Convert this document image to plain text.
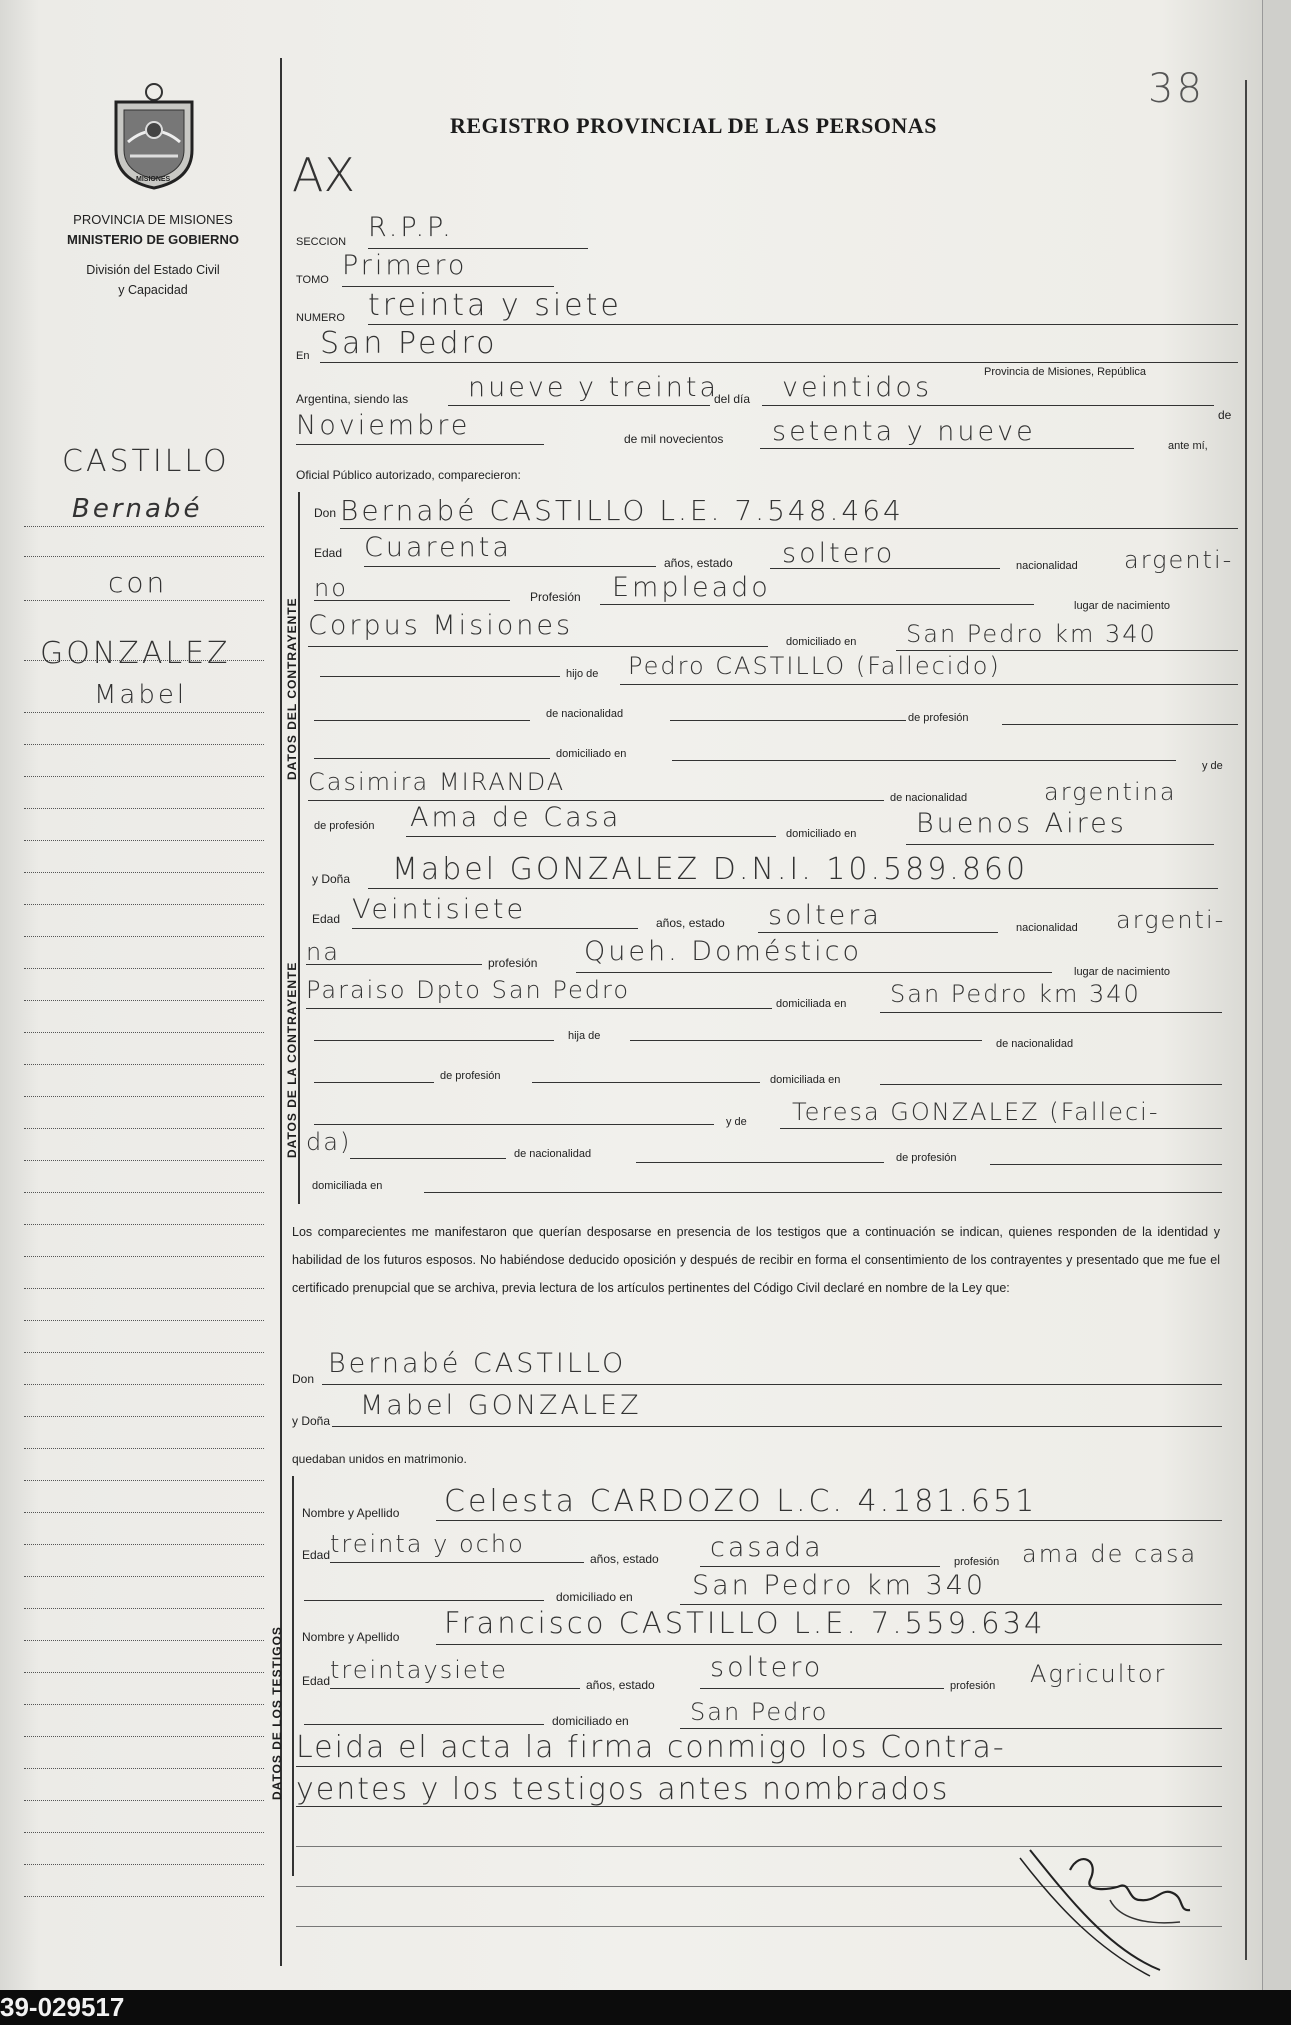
38
MISIONES
PROVINCIA DE MISIONES
MINISTERIO DE GOBIERNO
División del Estado Civil
y Capacidad
REGISTRO PROVINCIAL DE LAS PERSONAS
AX
CASTILLO
Bernabé
con
GONZALEZ
Mabel
SECCION R.P.P.
TOMO Primero
NUMERO treinta y siete
En San Pedro
Provincia de Misiones, República
Argentina, siendo las nueve y treinta
del día veintidos
de
Noviembre	de mil novecientos setenta y nueve	ante mí,
Oficial Público autorizado, comparecieron:
DATOS DEL CONTRAYENTE
Don Bernabé CASTILLO L.E. 7.548.464
Edad Cuarenta	años, estado soltero	nacionalidad argenti-
no	Profesión Empleado
lugar de nacimiento
Corpus Misiones
domiciliado en San Pedro km 340
hijo de Pedro CASTILLO (Fallecido)
de nacionalidad	de profesión
domiciliado en
y de
Casimira MIRANDA
de nacionalidad	argentina
de profesión Ama de Casa
domiciliado en Buenos Aires
DATOS DE LA CONTRAYENTE
y Doña Mabel GONZALEZ D.N.I. 10.589.860
Edad Veintisiete	años, estado soltera	nacionalidad argenti-
na	profesión Queh. Doméstico
lugar de nacimiento
Paraiso Dpto San Pedro	domiciliada en San Pedro km 340
hija de
de nacionalidad
de profesión	domiciliada en
y de Teresa GONZALEZ (Falleci-
da)	de nacionalidad	de profesión
domiciliada en
Los comparecientes me manifestaron que querían desposarse en presencia de los testigos que a continuación se indican, quienes responden de la identidad y habilidad de los futuros esposos. No habiéndose deducido oposición y después de recibir en forma el consentimiento de los contrayentes y presentado que me fue el certificado prenupcial que se archiva, previa lectura de los artículos pertinentes del Código Civil declaré en nombre de la Ley que:
Don Bernabé CASTILLO
y Doña Mabel GONZALEZ
quedaban unidos en matrimonio.
DATOS DE LOS TESTIGOS
Nombre y Apellido Celesta CARDOZO L.C. 4.181.651
Edad treinta y ocho
años, estado casada	profesión ama de casa
domiciliado en San Pedro km 340
Nombre y Apellido Francisco CASTILLO L.E. 7.559.634
Edad treintaysiete
años, estado
soltero
profesión Agricultor
domiciliado en	San Pedro
Leida el acta la firma conmigo los Contra-
yentes y los testigos antes nombrados
39-029517
